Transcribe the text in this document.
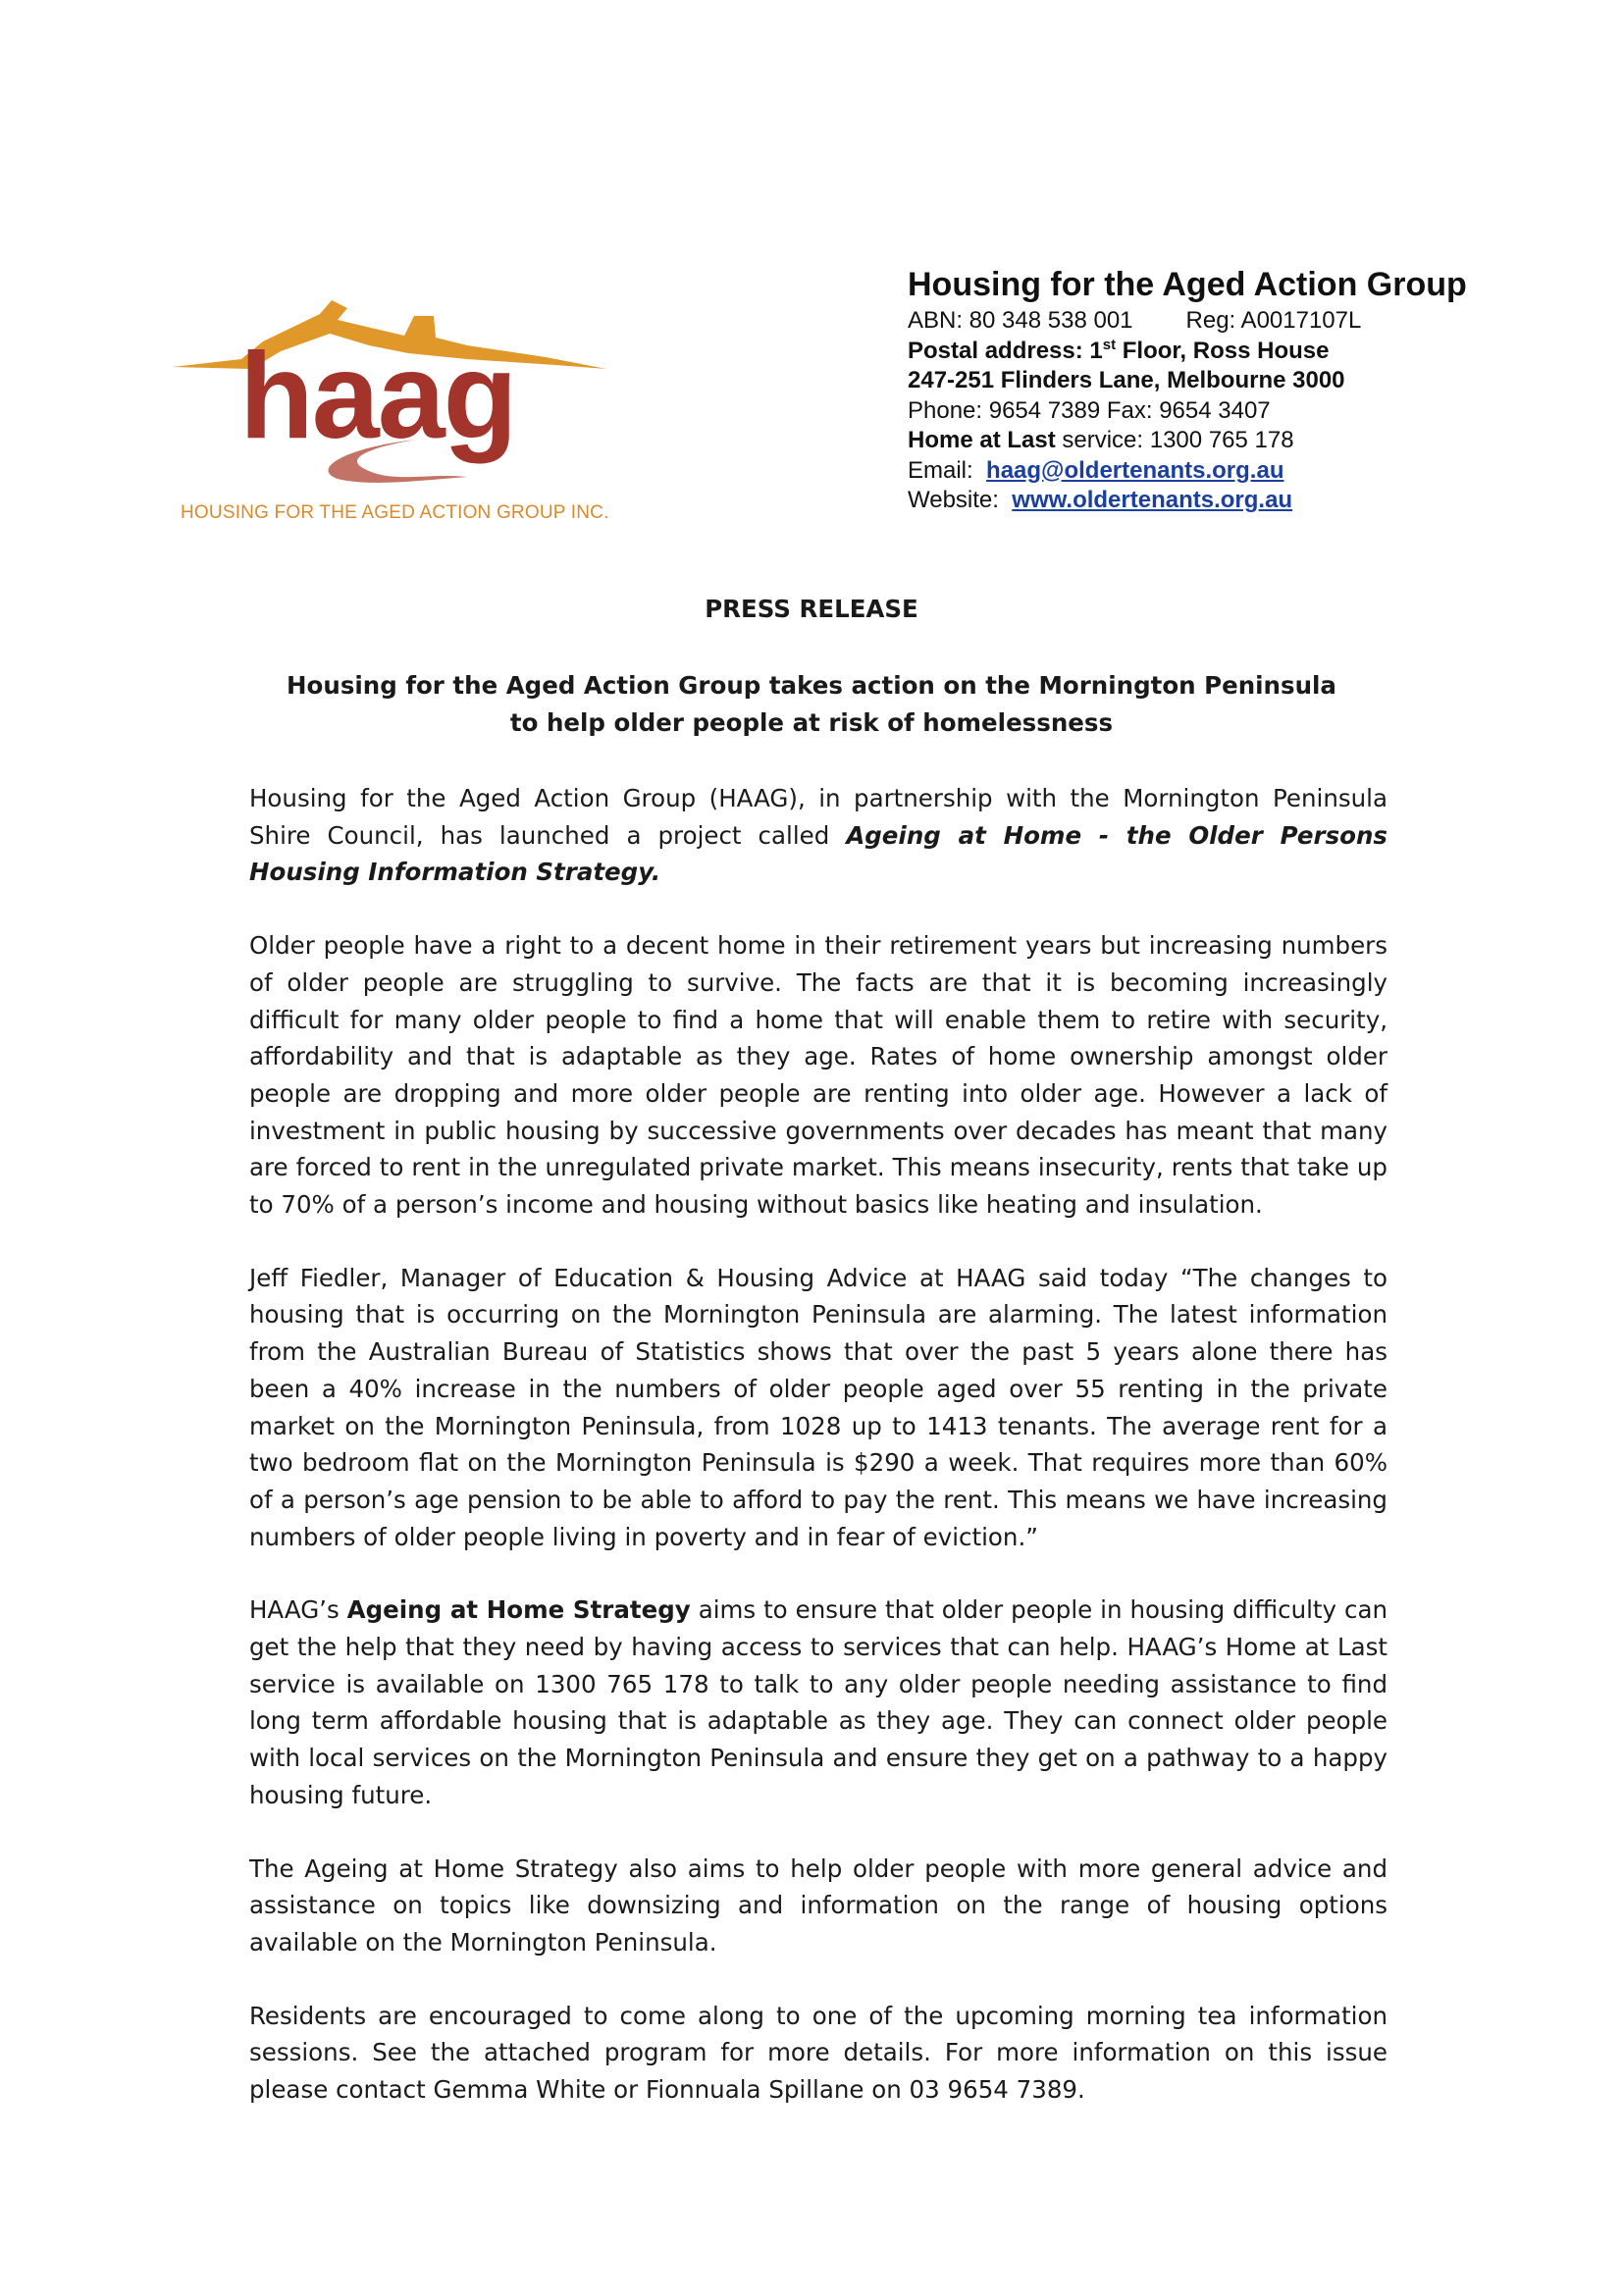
haag
HOUSING FOR THE AGED ACTION GROUP INC.
Housing for the Aged Action Group
ABN: 80 348 538 001 Reg: A0017107L
Postal address: 1st Floor, Ross House
247-251 Flinders Lane, Melbourne 3000
Phone: 9654 7389 Fax: 9654 3407
Home at Last service: 1300 765 178
Email: haag@oldertenants.org.au
Website: www.oldertenants.org.au
PRESS RELEASE
Housing for the Aged Action Group takes action on the Mornington Peninsula
to help older people at risk of homelessness

Housing for the Aged Action Group (HAAG), in partnership with the Mornington Peninsula Shire Council, has launched a project called Ageing at Home - the Older Persons Housing Information Strategy.

Older people have a right to a decent home in their retirement years but increasing numbers of older people are struggling to survive. The facts are that it is becoming increasingly difficult for many older people to find a home that will enable them to retire with security, affordability and that is adaptable as they age. Rates of home ownership amongst older people are dropping and more older people are renting into older age. However a lack of investment in public housing by successive governments over decades has meant that many are forced to rent in the unregulated private market. This means insecurity, rents that take up to 70% of a person’s income and housing without basics like heating and insulation.

Jeff Fiedler, Manager of Education & Housing Advice at HAAG said today “The changes to housing that is occurring on the Mornington Peninsula are alarming. The latest information from the Australian Bureau of Statistics shows that over the past 5 years alone there has been a 40% increase in the numbers of older people aged over 55 renting in the private market on the Mornington Peninsula, from 1028 up to 1413 tenants. The average rent for a two bedroom flat on the Mornington Peninsula is $290 a week. That requires more than 60% of a person’s age pension to be able to afford to pay the rent. This means we have increasing numbers of older people living in poverty and in fear of eviction.”

HAAG’s Ageing at Home Strategy aims to ensure that older people in housing difficulty can get the help that they need by having access to services that can help. HAAG’s Home at Last service is available on 1300 765 178 to talk to any older people needing assistance to find long term affordable housing that is adaptable as they age. They can connect older people with local services on the Mornington Peninsula and ensure they get on a pathway to a happy housing future.

The Ageing at Home Strategy also aims to help older people with more general advice and assistance on topics like downsizing and information on the range of housing options available on the Mornington Peninsula.

Residents are encouraged to come along to one of the upcoming morning tea information sessions. See the attached program for more details. For more information on this issue please contact Gemma White or Fionnuala Spillane on 03 9654 7389.
